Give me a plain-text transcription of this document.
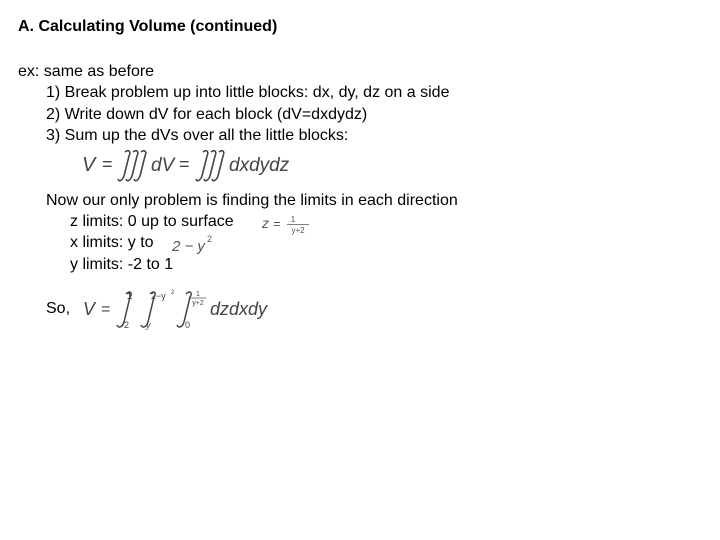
A. Calculating Volume (continued)
ex: same as before
1) Break problem up into little blocks: dx, dy, dz on a side
2) Write down dV for each block (dV=dxdydz)
3) Sum up the dVs over all the little blocks:
V = dV = dxdydz
Now our only problem is finding the limits in each direction
z limits: 0 up to surface z = 1
y+2
x limits: y to 2 − y 2
y limits: -2 to 1
So, V =
1
-2
2−y 2
y
1
y+2
0
dzdxdy
